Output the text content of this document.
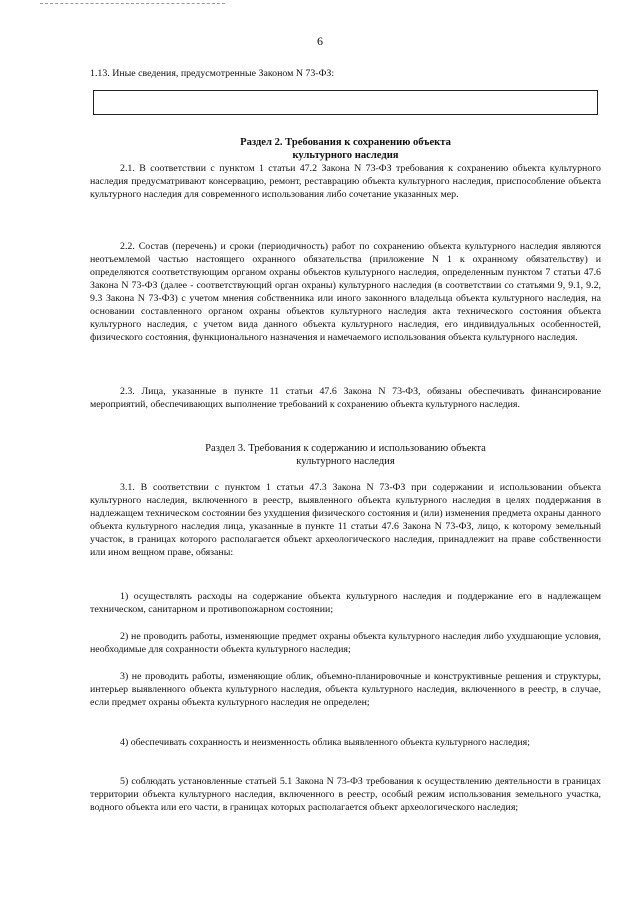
6
1.13. Иные сведения, предусмотренные Законом N 73-ФЗ:
Раздел 2. Требования к сохранению объекта
культурного наследия

2.1. В соответствии с пунктом 1 статьи 47.2 Закона N 73-ФЗ требования к сохранению объекта культурного наследия предусматривают консервацию, ремонт, реставрацию объекта культурного наследия, приспособление объекта культурного наследия для современного использования либо сочетание указанных мер.

2.2. Состав (перечень) и сроки (периодичность) работ по сохранению объекта культурного наследия являются неотъемлемой частью настоящего охранного обязательства (приложение N 1 к охранному обязательству) и определяются соответствующим органом охраны объектов культурного наследия, определенным пунктом 7 статьи 47.6 Закона N 73-ФЗ (далее - соответствующий орган охраны) культурного наследия (в соответствии со статьями 9, 9.1, 9.2, 9.3 Закона N 73-ФЗ) с учетом мнения собственника или иного законного владельца объекта культурного наследия, на основании составленного органом охраны объектов культурного наследия акта технического состояния объекта культурного наследия, с учетом вида данного объекта культурного наследия, его индивидуальных особенностей, физического состояния, функционального назначения и намечаемого использования объекта культурного наследия.

2.3. Лица, указанные в пункте 11 статьи 47.6 Закона N 73-ФЗ, обязаны обеспечивать финансирование мероприятий, обеспечивающих выполнение требований к сохранению объекта культурного наследия.

Раздел 3. Требования к содержанию и использованию объекта
культурного наследия

3.1. В соответствии с пунктом 1 статьи 47.3 Закона N 73-ФЗ при содержании и использовании объекта культурного наследия, включенного в реестр, выявленного объекта культурного наследия в целях поддержания в надлежащем техническом состоянии без ухудшения физического состояния и (или) изменения предмета охраны данного объекта культурного наследия лица, указанные в пункте 11 статьи 47.6 Закона N 73-ФЗ, лицо, к которому земельный участок, в границах которого располагается объект археологического наследия, принадлежит на праве собственности или ином вещном праве, обязаны:

1) осуществлять расходы на содержание объекта культурного наследия и поддержание его в надлежащем техническом, санитарном и противопожарном состоянии;

2) не проводить работы, изменяющие предмет охраны объекта культурного наследия либо ухудшающие условия, необходимые для сохранности объекта культурного наследия;

3) не проводить работы, изменяющие облик, объемно-планировочные и конструктивные решения и структуры, интерьер выявленного объекта культурного наследия, объекта культурного наследия, включенного в реестр, в случае, если предмет охраны объекта культурного наследия не определен;

4) обеспечивать сохранность и неизменность облика выявленного объекта культурного наследия;

5) соблюдать установленные статьей 5.1 Закона N 73-ФЗ требования к осуществлению деятельности в границах территории объекта культурного наследия, включенного в реестр, особый режим использования земельного участка, водного объекта или его части, в границах которых располагается объект археологического наследия;
